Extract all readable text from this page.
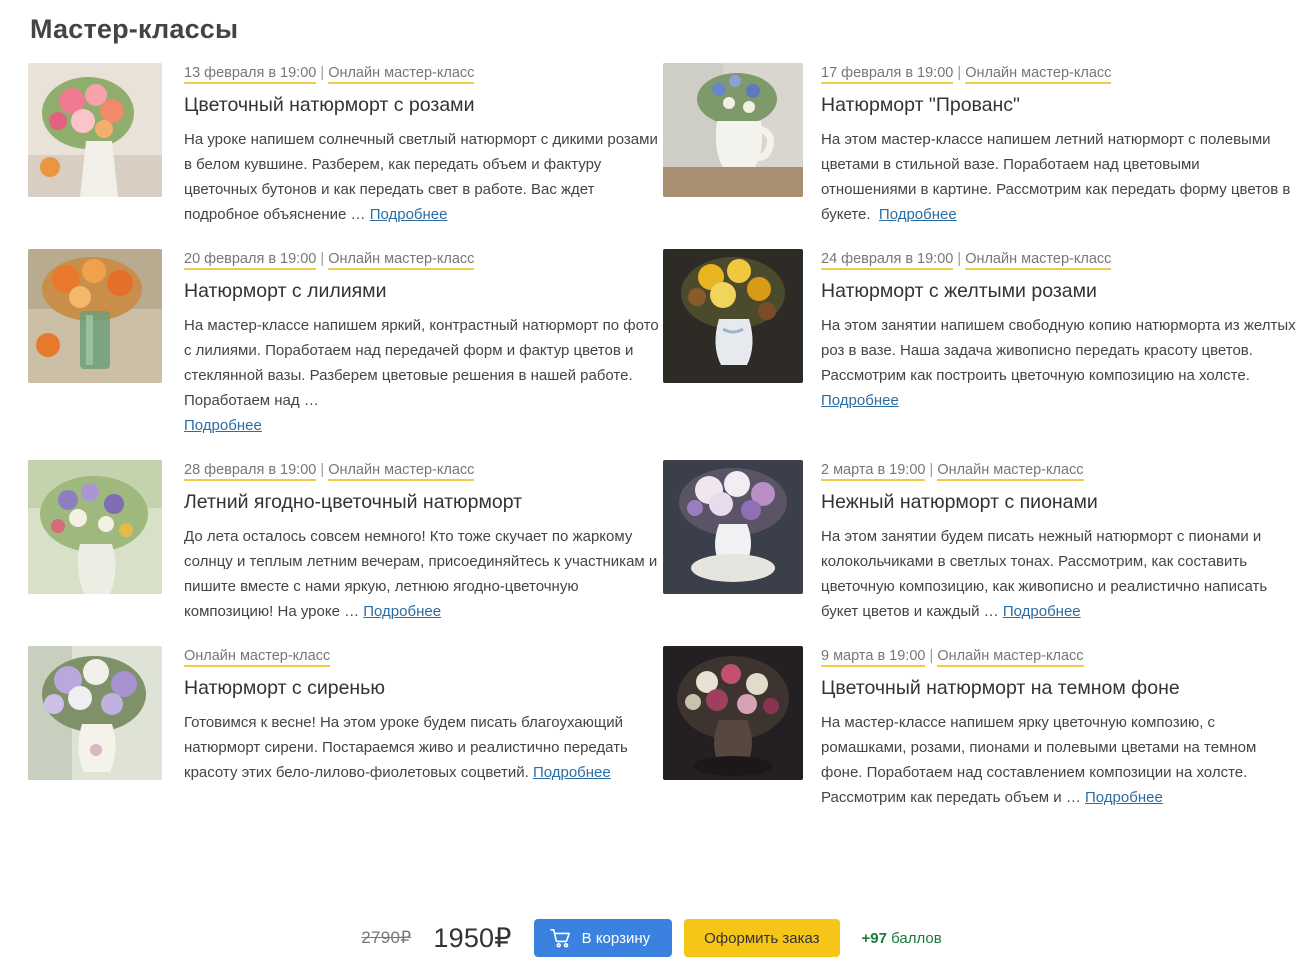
Мастер-классы
13 февраля в 19:00 | Онлайн мастер-класс
Цветочный натюрморт с розами

На уроке напишем солнечный светлый натюрморт с дикими розами в белом кувшине. Разберем, как передать объем и фактуру цветочных бутонов и как передать свет в работе. Вас ждет подробное объяснение … Подробнее

17 февраля в 19:00 | Онлайн мастер-класс
Натюрморт "Прованс"

На этом мастер-классе напишем летний натюрморт с полевыми цветами в стильной вазе. Поработаем над цветовыми отношениями в картине. Рассмотрим как передать форму цветов в букете. Подробнее

20 февраля в 19:00 | Онлайн мастер-класс
Натюрморт с лилиями

На мастер-классе напишем яркий, контрастный натюрморт по фото с лилиями. Поработаем над передачей форм и фактур цветов и стеклянной вазы. Разберем цветовые решения в нашей работе. Поработаем над …
Подробнее

24 февраля в 19:00 | Онлайн мастер-класс
Натюрморт с желтыми розами

На этом занятии напишем свободную копию натюрморта из желтых роз в вазе. Наша задача живописно передать красоту цветов. Рассмотрим как построить цветочную композицию на холсте. Подробнее

28 февраля в 19:00 | Онлайн мастер-класс
Летний ягодно-цветочный натюрморт

До лета осталось совсем немного! Кто тоже скучает по жаркому солнцу и теплым летним вечерам, присоединяйтесь к участникам и пишите вместе с нами яркую, летнюю ягодно-цветочную композицию! На уроке … Подробнее

2 марта в 19:00 | Онлайн мастер-класс
Нежный натюрморт с пионами

На этом занятии будем писать нежный натюрморт с пионами и колокольчиками в светлых тонах. Рассмотрим, как составить цветочную композицию, как живописно и реалистично написать букет цветов и каждый … Подробнее

Онлайн мастер-класс
Натюрморт с сиренью

Готовимся к весне! На этом уроке будем писать благоухающий натюрморт сирени. Постараемся живо и реалистично передать красоту этих бело-лилово-фиолетовых соцветий. Подробнее

9 марта в 19:00 | Онлайн мастер-класс
Цветочный натюрморт на темном фоне

На мастер-классе напишем ярку цветочную композию, с ромашками, розами, пионами и полевыми цветами на темном фоне. Поработаем над составлением композиции на холсте. Рассмотрим как передать объем и … Подробнее

2790₽ 1950₽	В корзину	Оформить заказ	+97 баллов
